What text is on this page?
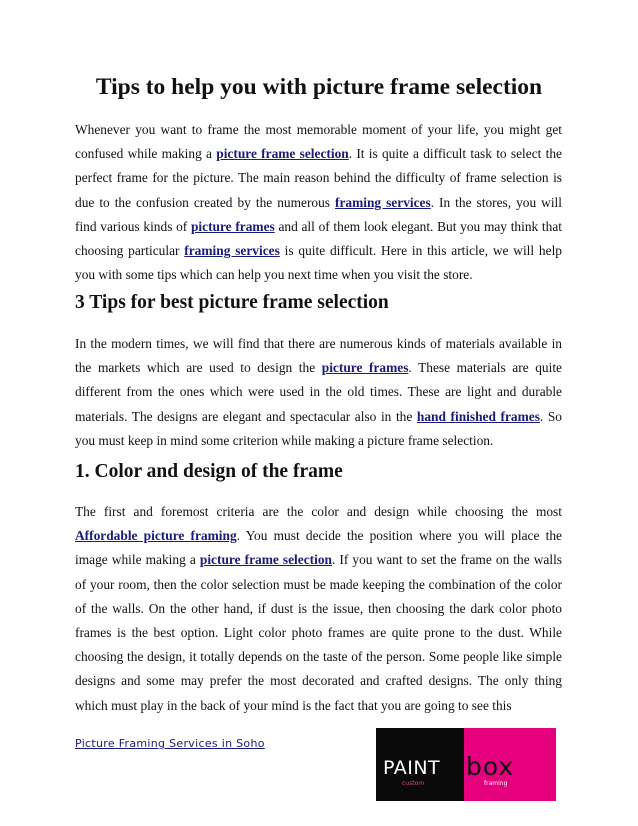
Tips to help you with picture frame selection

Whenever you want to frame the most memorable moment of your life, you might get confused while making a picture frame selection. It is quite a difficult task to select the perfect frame for the picture. The main reason behind the difficulty of frame selection is due to the confusion created by the numerous framing services. In the stores, you will find various kinds of picture frames and all of them look elegant. But you may think that choosing particular framing services is quite difficult. Here in this article, we will help you with some tips which can help you next time when you visit the store.

3 Tips for best picture frame selection

In the modern times, we will find that there are numerous kinds of materials available in the markets which are used to design the picture frames. These materials are quite different from the ones which were used in the old times. These are light and durable materials. The designs are elegant and spectacular also in the hand finished frames. So you must keep in mind some criterion while making a picture frame selection.

1. Color and design of the frame

The first and foremost criteria are the color and design while choosing the most Affordable picture framing. You must decide the position where you will place the image while making a picture frame selection. If you want to set the frame on the walls of your room, then the color selection must be made keeping the combination of the color of the walls. On the other hand, if dust is the issue, then choosing the dark color photo frames is the best option. Light color photo frames are quite prone to the dust. While choosing the design, it totally depends on the taste of the person. Some people like simple designs and some may prefer the most decorated and crafted designs. The only thing which must play in the back of your mind is the fact that you are going to see this

Picture Framing Services in Soho
PAINT
custom
box
framing
